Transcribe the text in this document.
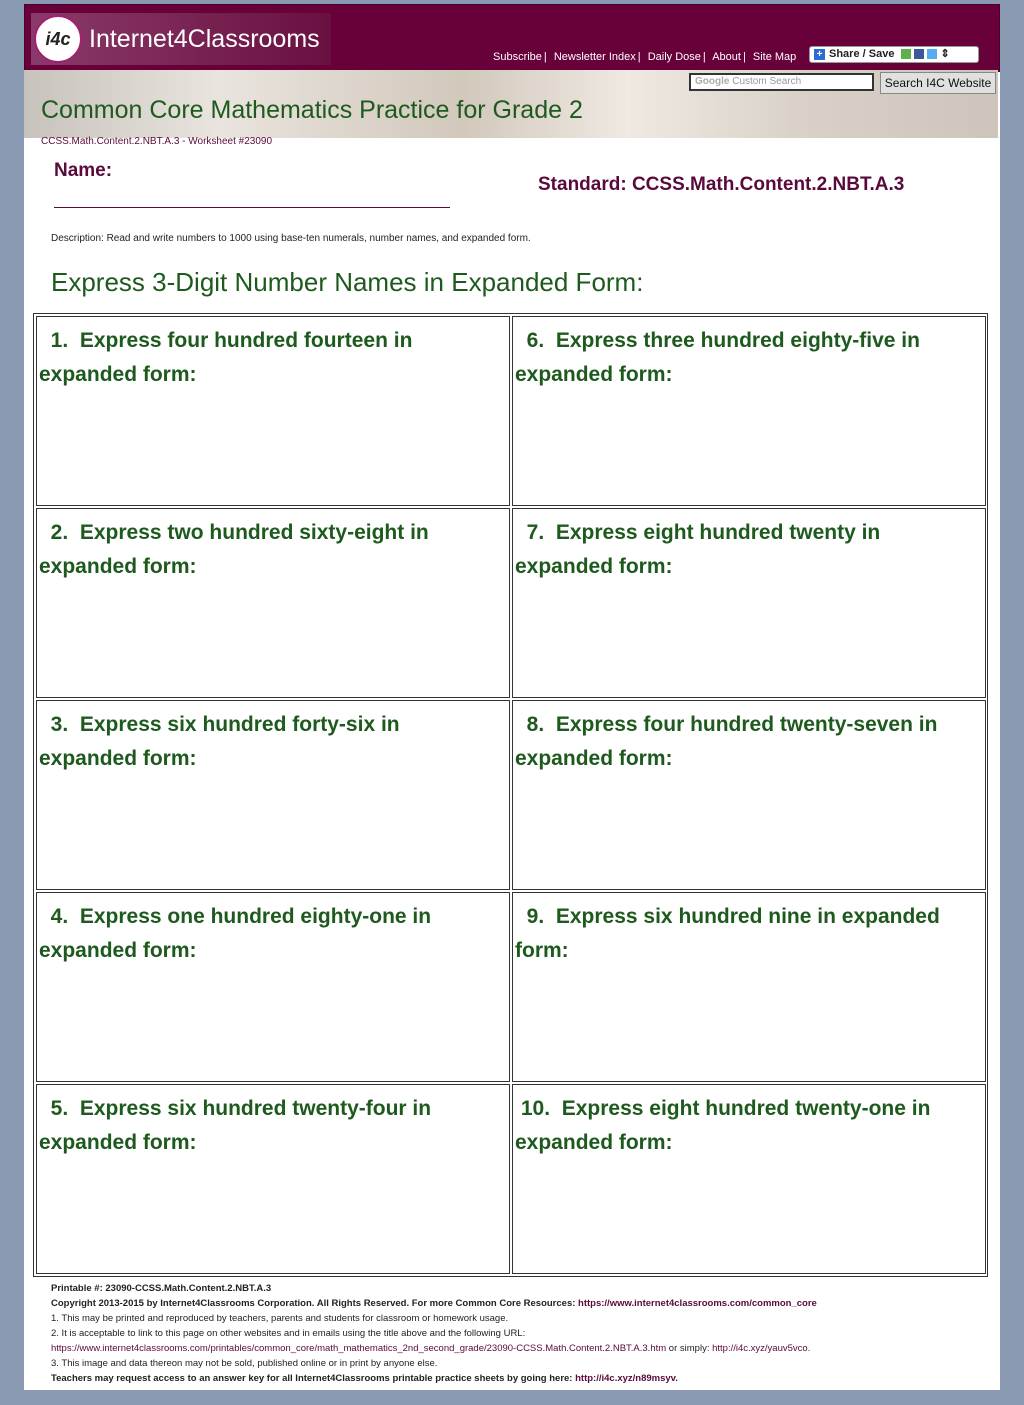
i4c Internet4Classrooms
Subscribe | Newsletter Index | Daily Dose | About | Site Map	+ Share / Save	⇕
Google Custom Search	Search I4C Website
Common Core Mathematics Practice for Grade 2
CCSS.Math.Content.2.NBT.A.3 - Worksheet #23090
Name:
Standard: CCSS.Math.Content.2.NBT.A.3
Description: Read and write numbers to 1000 using base-ten numerals, number names, and expanded form.
Express 3-Digit Number Names in Expanded Form:
1. Express four hundred fourteen in expanded form:
2. Express two hundred sixty-eight in expanded form:
3. Express six hundred forty-six in expanded form:
4. Express one hundred eighty-one in expanded form:
5. Express six hundred twenty-four in expanded form:
6. Express three hundred eighty-five in expanded form:
7. Express eight hundred twenty in expanded form:
8. Express four hundred twenty-seven in expanded form:
9. Express six hundred nine in expanded form:
10. Express eight hundred twenty-one in expanded form:
Printable #: 23090-CCSS.Math.Content.2.NBT.A.3
Copyright 2013-2015 by Internet4Classrooms Corporation. All Rights Reserved. For more Common Core Resources: https://www.internet4classrooms.com/common_core
1. This may be printed and reproduced by teachers, parents and students for classroom or homework usage.
2. It is acceptable to link to this page on other websites and in emails using the title above and the following URL:
https://www.internet4classrooms.com/printables/common_core/math_mathematics_2nd_second_grade/23090-CCSS.Math.Content.2.NBT.A.3.htm or simply: http://i4c.xyz/yauv5vco.
3. This image and data thereon may not be sold, published online or in print by anyone else.
Teachers may request access to an answer key for all Internet4Classrooms printable practice sheets by going here: http://i4c.xyz/n89msyv.
